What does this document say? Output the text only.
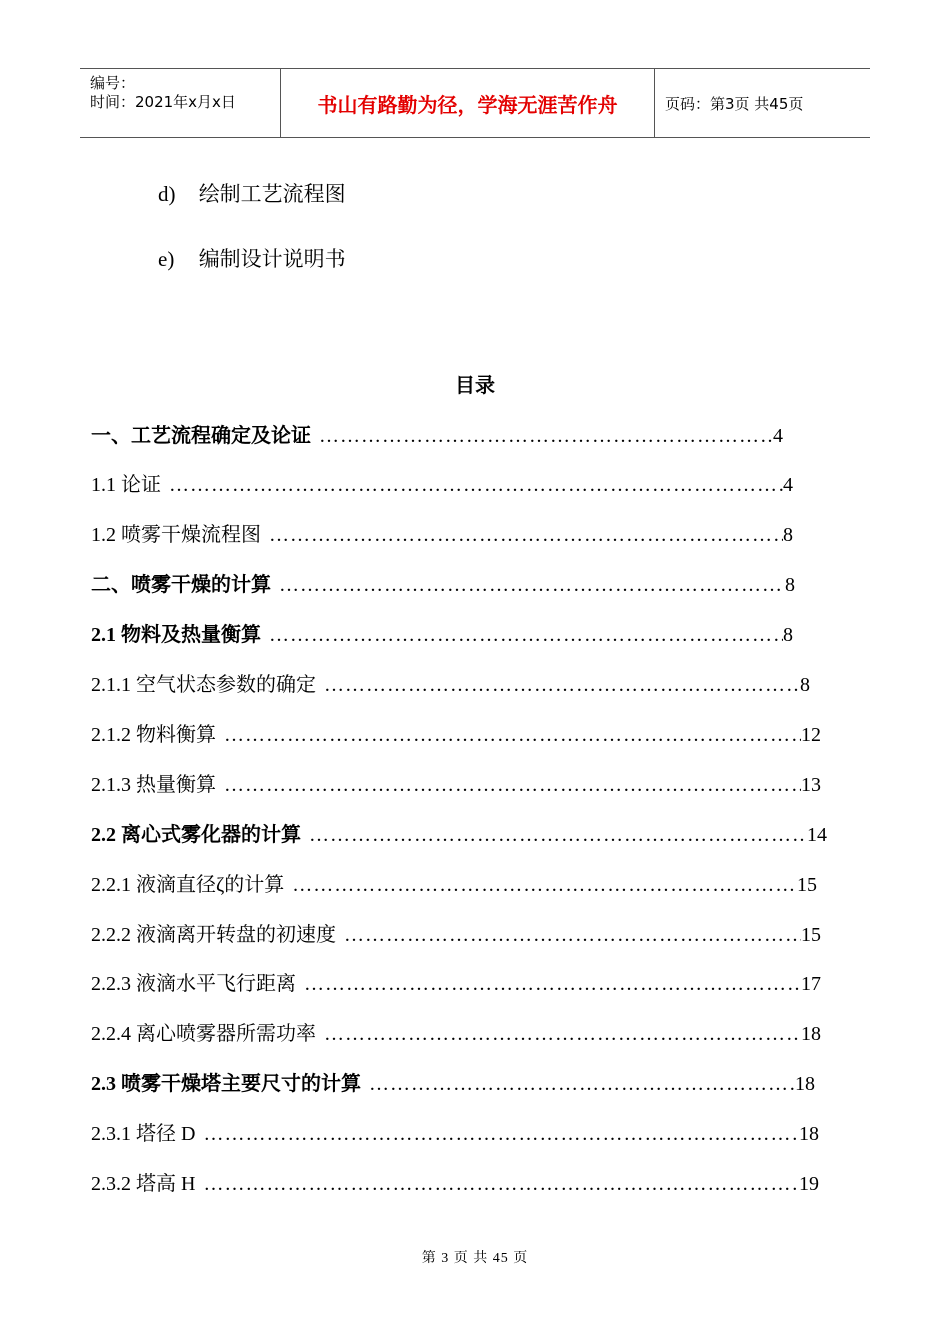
编号：
时间：2021年x月x日	书山有路勤为径，学海无涯苦作舟	页码：第3页 共45页
d) 绘制工艺流程图
e) 编制设计说明书
目录
一、工艺流程确定及论证 ……………………………………………………………………………………………………………………………………………………………	4
1.1 论证 ……………………………………………………………………………………………………………………………………………………………	4
1.2 喷雾干燥流程图 ……………………………………………………………………………………………………………………………………………………………	8
二、喷雾干燥的计算 ……………………………………………………………………………………………………………………………………………………………	8
2.1 物料及热量衡算 ……………………………………………………………………………………………………………………………………………………………	8
2.1.1 空气状态参数的确定 ……………………………………………………………………………………………………………………………………………………………	8
2.1.2 物料衡算 ……………………………………………………………………………………………………………………………………………………………	12
2.1.3 热量衡算 ……………………………………………………………………………………………………………………………………………………………	13
2.2 离心式雾化器的计算 ……………………………………………………………………………………………………………………………………………………………	14
2.2.1 液滴直径ζ的计算 ……………………………………………………………………………………………………………………………………………………………	15
2.2.2 液滴离开转盘的初速度 ……………………………………………………………………………………………………………………………………………………………	15
2.2.3 液滴水平飞行距离 ……………………………………………………………………………………………………………………………………………………………	17
2.2.4 离心喷雾器所需功率 ……………………………………………………………………………………………………………………………………………………………	18
2.3 喷雾干燥塔主要尺寸的计算 ……………………………………………………………………………………………………………………………………………………………	18
2.3.1 塔径 D ……………………………………………………………………………………………………………………………………………………………	18
2.3.2 塔高 H ……………………………………………………………………………………………………………………………………………………………	19
第 3 页 共 45 页
